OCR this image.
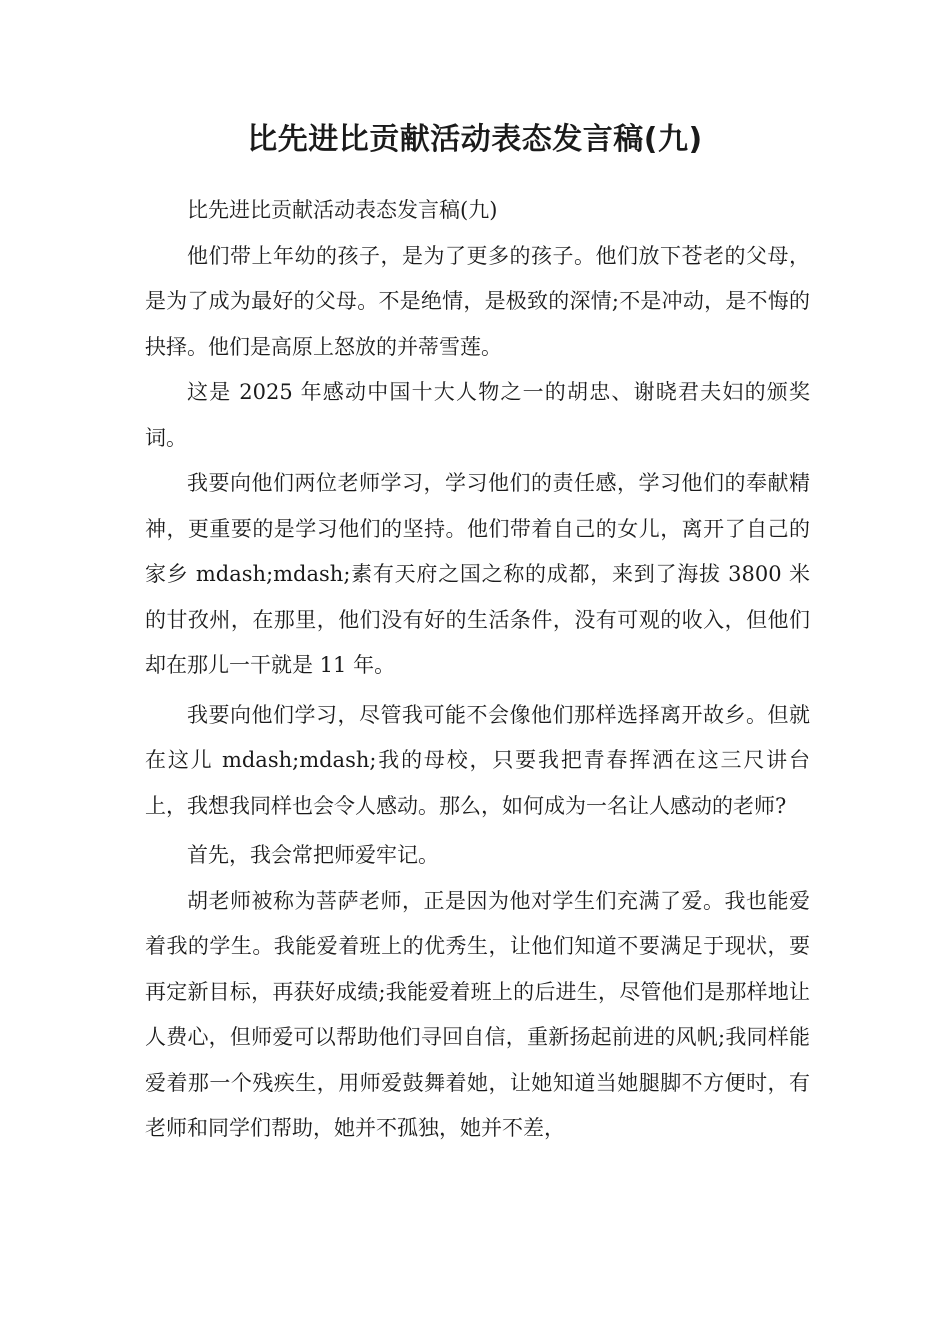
比先进比贡献活动表态发言稿(九)

比先进比贡献活动表态发言稿(九)

他们带上年幼的孩子，是为了更多的孩子。他们放下苍老的父母，是为了成为最好的父母。不是绝情，是极致的深情;不是冲动，是不悔的抉择。他们是高原上怒放的并蒂雪莲。

这是 2025 年感动中国十大人物之一的胡忠、谢晓君夫妇的颁奖词。

我要向他们两位老师学习，学习他们的责任感，学习他们的奉献精神，更重要的是学习他们的坚持。他们带着自己的女儿，离开了自己的家乡 mdash;mdash;素有天府之国之称的成都，来到了海拔 3800 米的甘孜州，在那里，他们没有好的生活条件，没有可观的收入，但他们却在那儿一干就是 11 年。

我要向他们学习，尽管我可能不会像他们那样选择离开故乡。但就在这儿 mdash;mdash;我的母校，只要我把青春挥洒在这三尺讲台上，我想我同样也会令人感动。那么，如何成为一名让人感动的老师?

首先，我会常把师爱牢记。

胡老师被称为菩萨老师，正是因为他对学生们充满了爱。我也能爱着我的学生。我能爱着班上的优秀生，让他们知道不要满足于现状，要再定新目标，再获好成绩;我能爱着班上的后进生，尽管他们是那样地让人费心，但师爱可以帮助他们寻回自信，重新扬起前进的风帆;我同样能爱着那一个残疾生，用师爱鼓舞着她，让她知道当她腿脚不方便时，有老师和同学们帮助，她并不孤独，她并不差，
